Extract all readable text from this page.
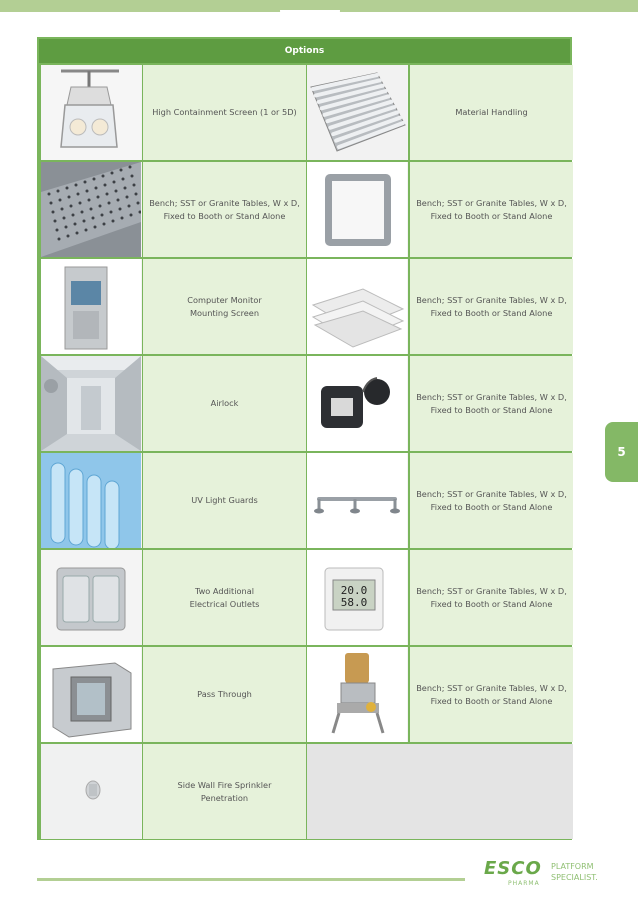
Options
High Containment Screen (1 or 5D)	Material Handling
Bench; SST or Granite Tables, W x D,
Fixed to Booth or Stand Alone
Bench; SST or Granite Tables, W x D,
Fixed to Booth or Stand Alone
Computer Monitor
Mounting Screen
Bench; SST or Granite Tables, W x D,
Fixed to Booth or Stand Alone
Airlock
Bench; SST or Granite Tables, W x D,
Fixed to Booth or Stand Alone
UV Light Guards
Bench; SST or Granite Tables, W x D,
Fixed to Booth or Stand Alone
Two Additional
Electrical Outlets
20.0
58.0
Bench; SST or Granite Tables, W x D,
Fixed to Booth or Stand Alone
Pass Through
Bench; SST or Granite Tables, W x D,
Fixed to Booth or Stand Alone
Side Wall Fire Sprinkler
Penetration
5
ESCO
PHARMA
PLATFORM
SPECIALIST.
